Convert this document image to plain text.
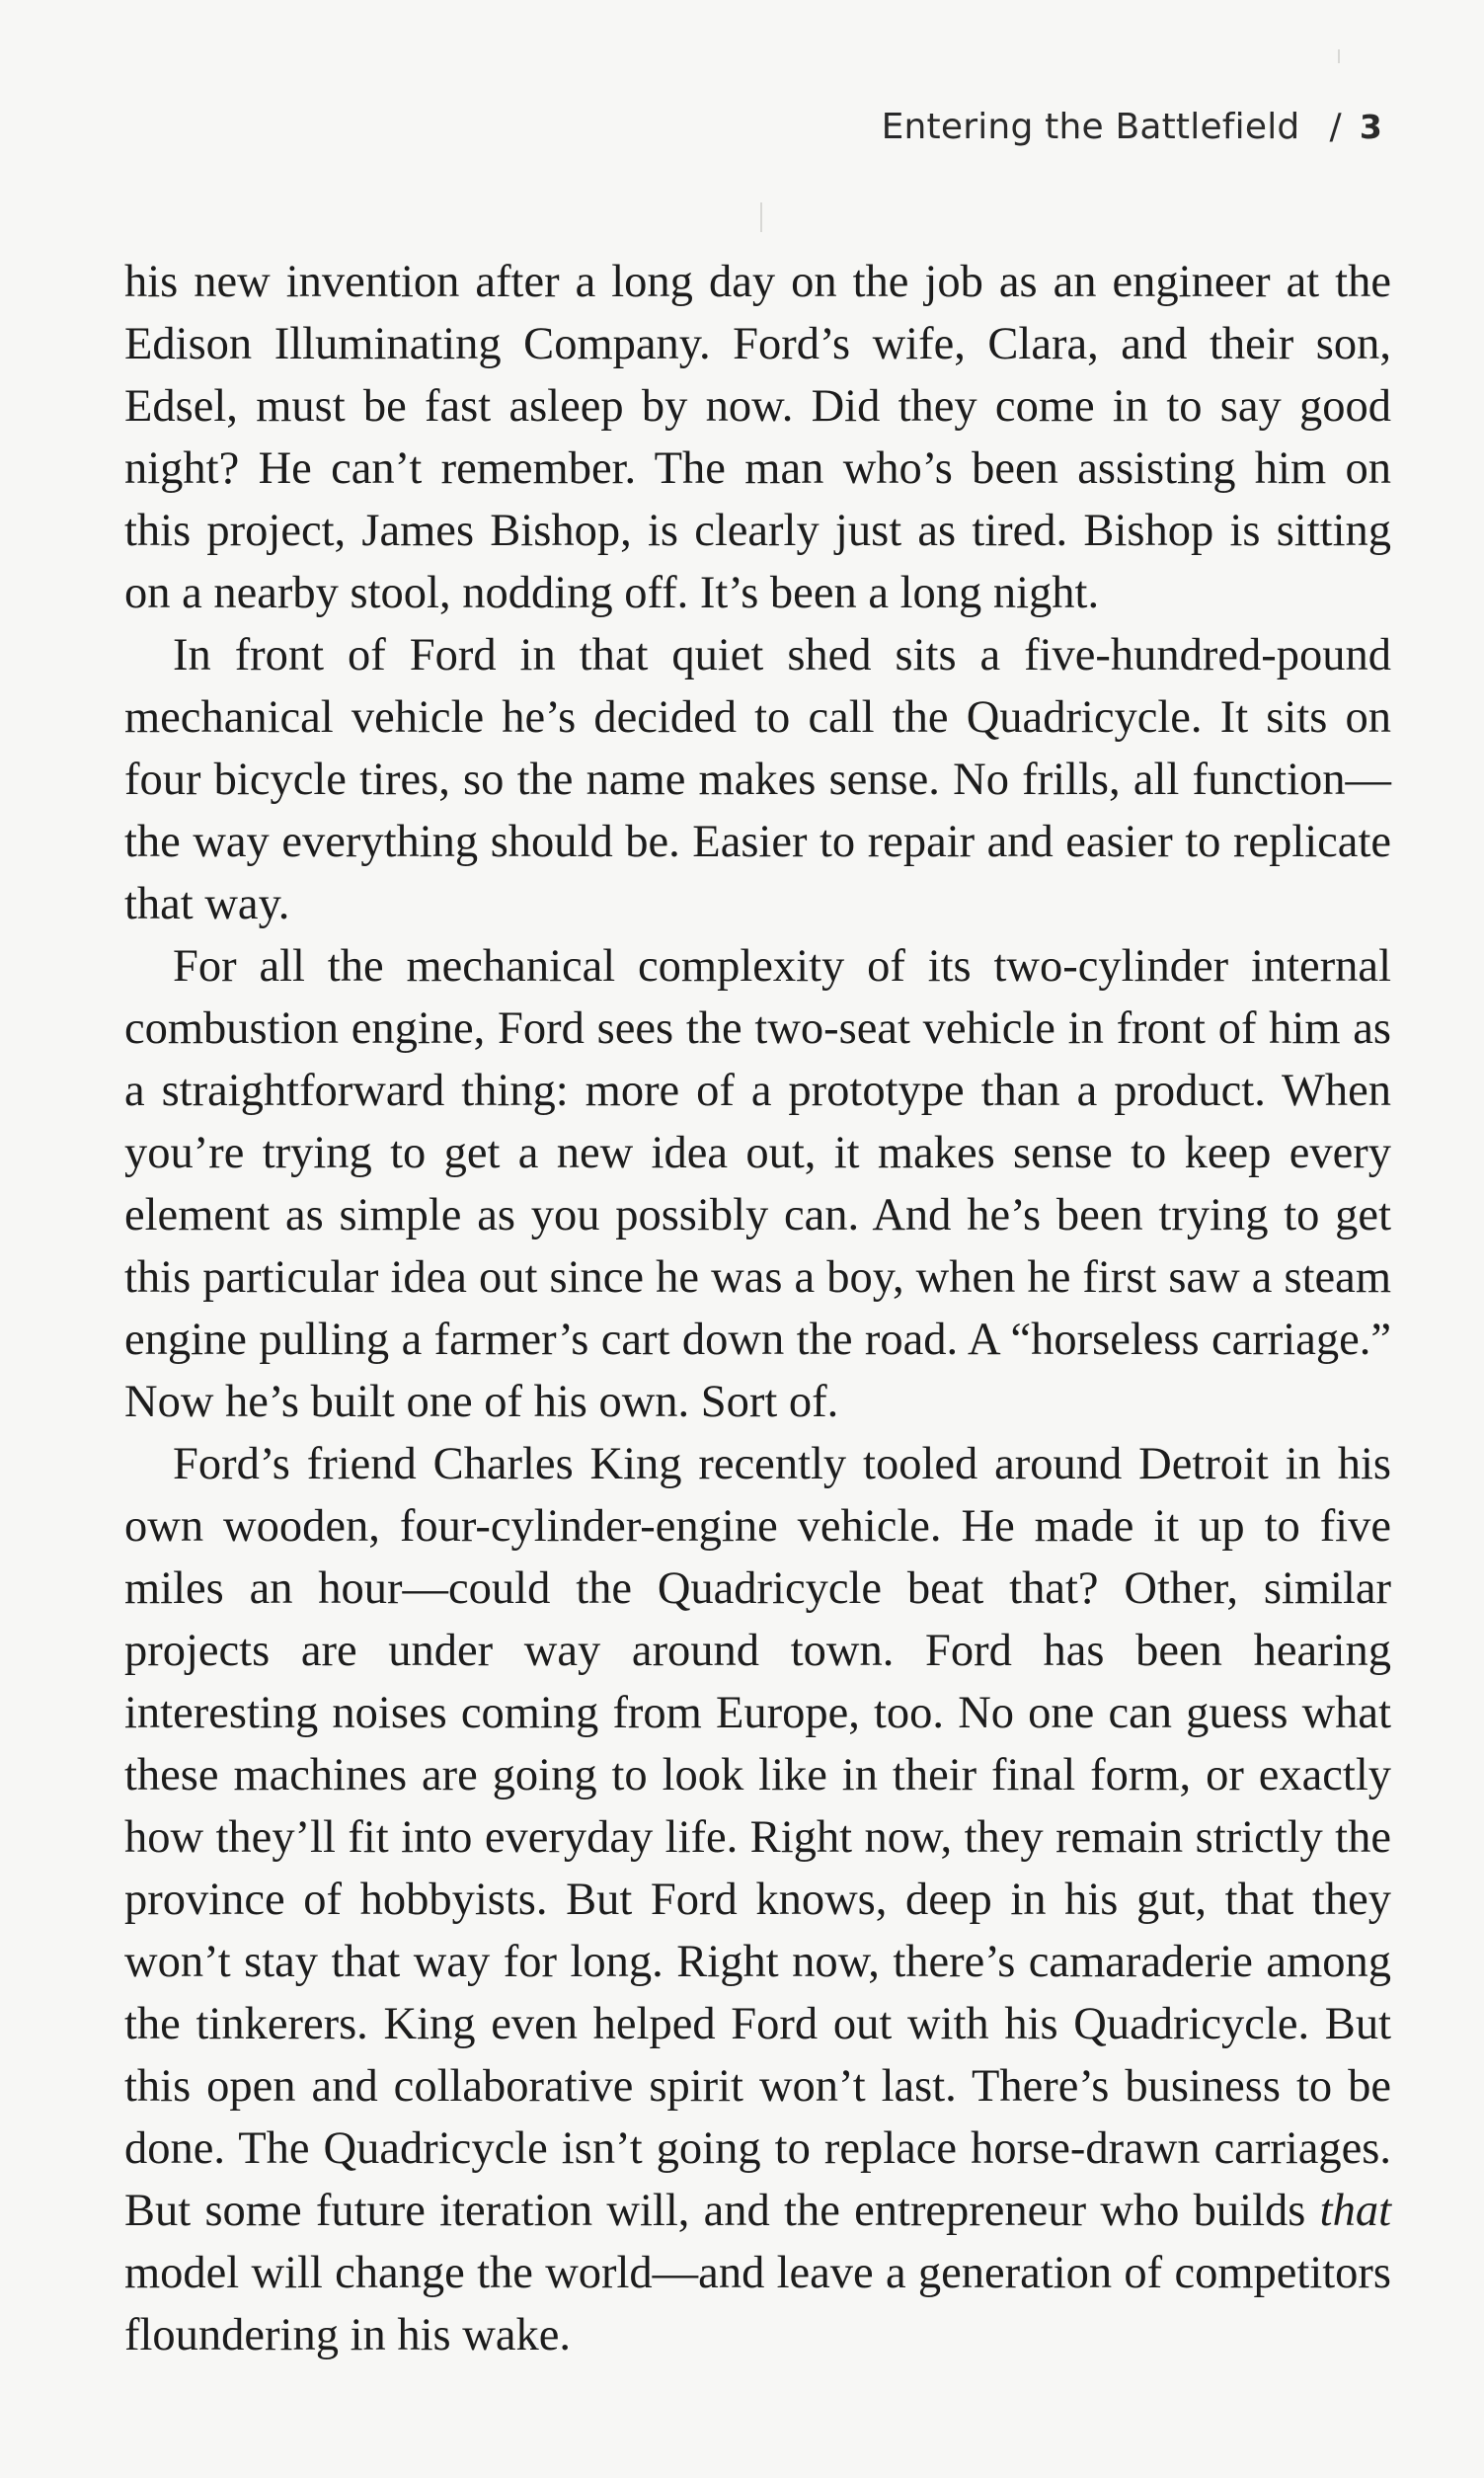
Entering the Battlefield / 3

his new invention after a long day on the job as an engineer at the Edison Illuminating Company. Ford’s wife, Clara, and their son, Edsel, must be fast asleep by now. Did they come in to say good night? He can’t remember. The man who’s been assisting him on this project, James Bishop, is clearly just as tired. Bishop is sitting on a nearby stool, nodding off. It’s been a long night.

In front of Ford in that quiet shed sits a five-hundred-pound mechanical vehicle he’s decided to call the Quadricycle. It sits on four bicycle tires, so the name makes sense. No frills, all function—the way everything should be. Easier to repair and easier to replicate that way.

For all the mechanical complexity of its two-cylinder internal combustion engine, Ford sees the two-seat vehicle in front of him as a straightforward thing: more of a prototype than a product. When you’re trying to get a new idea out, it makes sense to keep every element as simple as you possibly can. And he’s been trying to get this particular idea out since he was a boy, when he first saw a steam engine pulling a farmer’s cart down the road. A “horseless carriage.” Now he’s built one of his own. Sort of.

Ford’s friend Charles King recently tooled around Detroit in his own wooden, four-cylinder-engine vehicle. He made it up to five miles an hour—could the Quadricycle beat that? Other, similar projects are under way around town. Ford has been hearing interesting noises coming from Europe, too. No one can guess what these machines are going to look like in their final form, or exactly how they’ll fit into everyday life. Right now, they remain strictly the province of hobbyists. But Ford knows, deep in his gut, that they won’t stay that way for long. Right now, there’s camaraderie among the tinkerers. King even helped Ford out with his Quadricycle. But this open and collaborative spirit won’t last. There’s business to be done. The Quadricycle isn’t going to replace horse-drawn carriages. But some future iteration will, and the entrepreneur who builds that model will change the world—and leave a generation of competitors floundering in his wake.
